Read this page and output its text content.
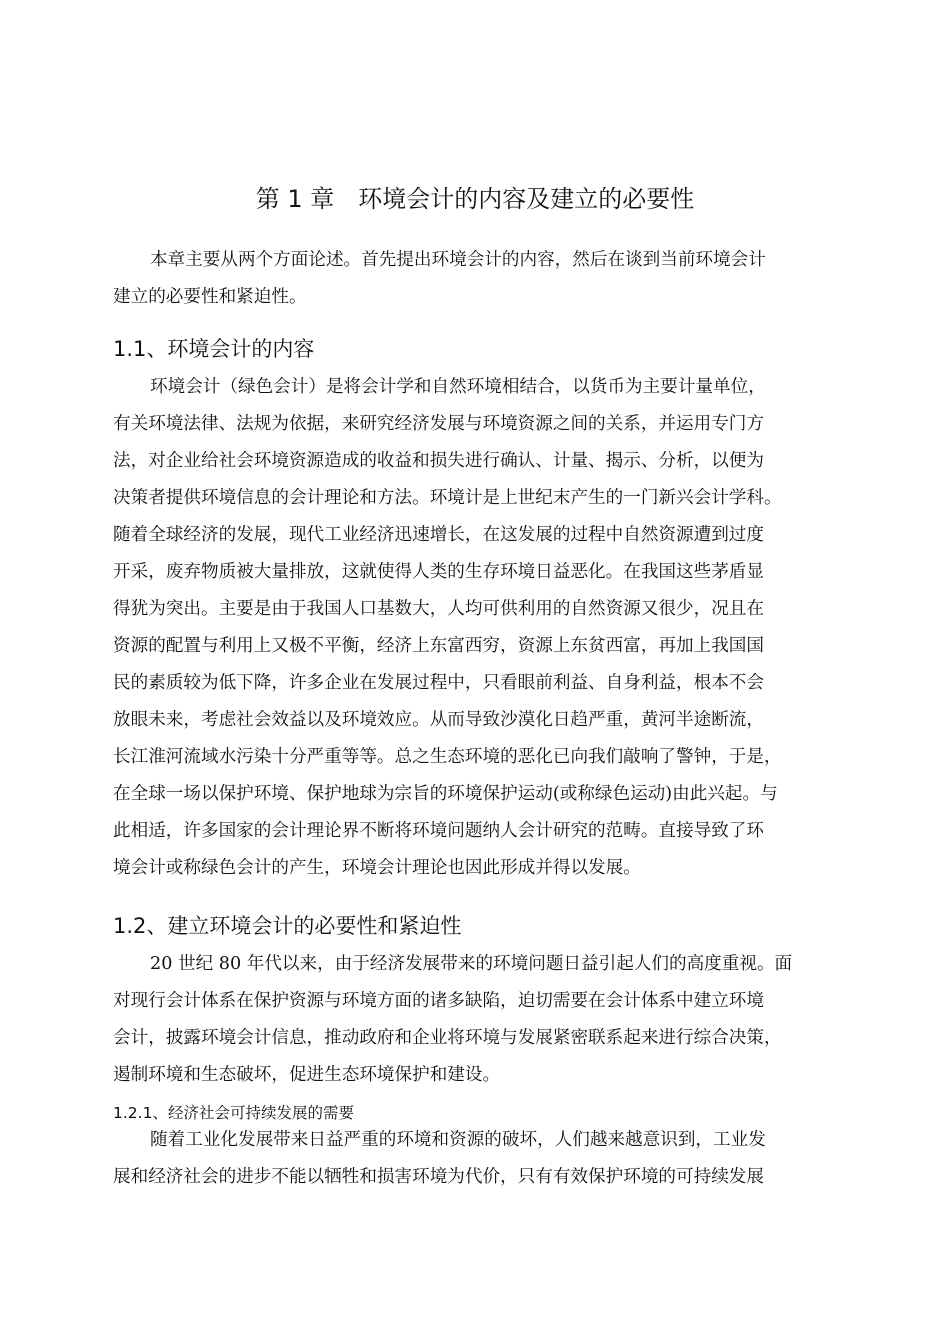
第 1 章　环境会计的内容及建立的必要性
本章主要从两个方面论述。首先提出环境会计的内容，然后在谈到当前环境会计
建立的必要性和紧迫性。
1.1、环境会计的内容
环境会计（绿色会计）是将会计学和自然环境相结合，以货币为主要计量单位，
有关环境法律、法规为依据，来研究经济发展与环境资源之间的关系，并运用专门方
法，对企业给社会环境资源造成的收益和损失进行确认、计量、揭示、分析，以便为
决策者提供环境信息的会计理论和方法。环境计是上世纪末产生的一门新兴会计学科。
随着全球经济的发展，现代工业经济迅速增长，在这发展的过程中自然资源遭到过度
开采，废弃物质被大量排放，这就使得人类的生存环境日益恶化。在我国这些茅盾显
得犹为突出。主要是由于我国人口基数大，人均可供利用的自然资源又很少，况且在
资源的配置与利用上又极不平衡，经济上东富西穷，资源上东贫西富，再加上我国国
民的素质较为低下降，许多企业在发展过程中，只看眼前利益、自身利益，根本不会
放眼未来，考虑社会效益以及环境效应。从而导致沙漠化日趋严重，黄河半途断流，
长江淮河流域水污染十分严重等等。总之生态环境的恶化已向我们敲响了警钟，于是，
在全球一场以保护环境、保护地球为宗旨的环境保护运动(或称绿色运动)由此兴起。与
此相适，许多国家的会计理论界不断将环境问题纳人会计研究的范畴。直接导致了环
境会计或称绿色会计的产生，环境会计理论也因此形成并得以发展。
1.2、建立环境会计的必要性和紧迫性
20 世纪 80 年代以来，由于经济发展带来的环境问题日益引起人们的高度重视。面
对现行会计体系在保护资源与环境方面的诸多缺陷，迫切需要在会计体系中建立环境
会计，披露环境会计信息，推动政府和企业将环境与发展紧密联系起来进行综合决策，
遏制环境和生态破坏，促进生态环境保护和建设。
1.2.1、经济社会可持续发展的需要
随着工业化发展带来日益严重的环境和资源的破坏，人们越来越意识到，工业发
展和经济社会的进步不能以牺牲和损害环境为代价，只有有效保护环境的可持续发展
